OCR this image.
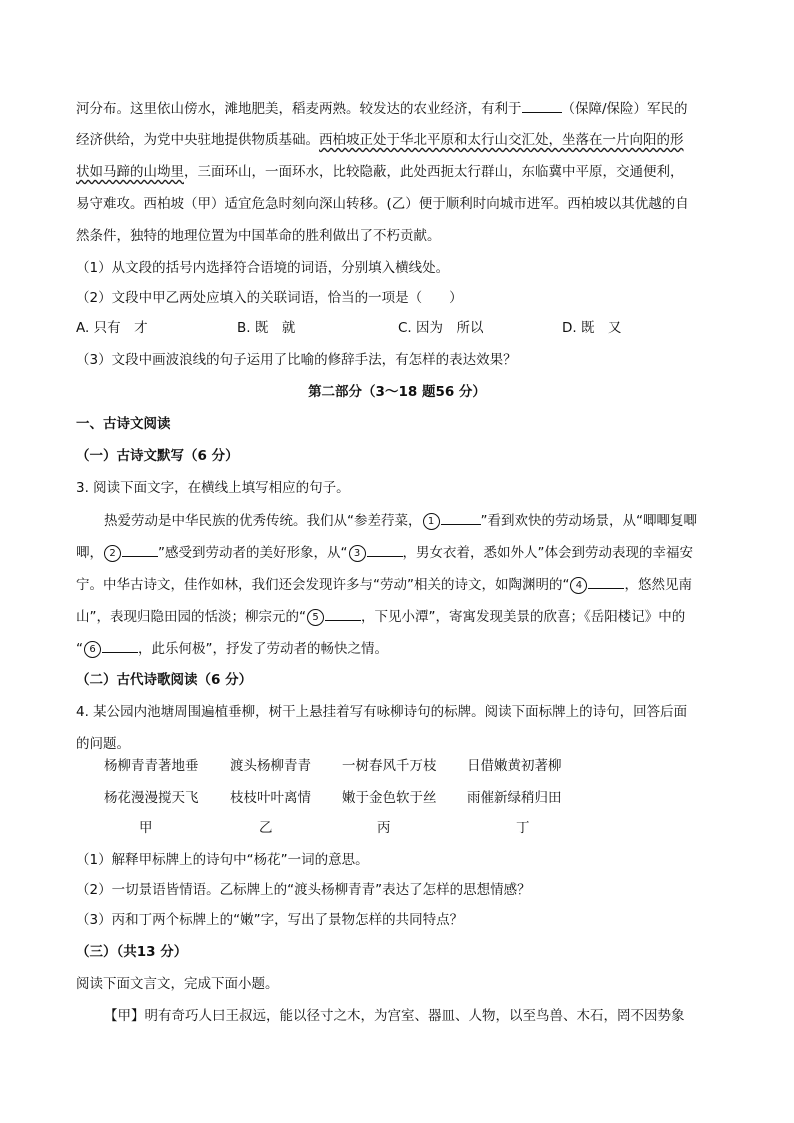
河分布。这里依山傍水，滩地肥美，稻麦两熟。较发达的农业经济，有利于	（保障/保险）军民的
经济供给，为党中央驻地提供物质基础。西柏坡正处于华北平原和太行山交汇处，坐落在一片向阳的形
状如马蹄的山坳里，三面环山，一面环水，比较隐蔽，此处西扼太行群山，东临冀中平原，交通便利，
易守难攻。西柏坡（甲）适宜危急时刻向深山转移。(乙）便于顺利时向城市进军。西柏坡以其优越的自
然条件，独特的地理位置为中国革命的胜利做出了不朽贡献。
（1）从文段的括号内选择符合语境的词语，分别填入横线处。
（2）文段中甲乙两处应填入的关联词语，恰当的一项是（　　）
A. 只有　才	B. 既　就	C. 因为　所以	D. 既　又
（3）文段中画波浪线的句子运用了比喻的修辞手法，有怎样的表达效果？
第二部分（3～18 题56 分）
一、古诗文阅读
（一）古诗文默写（6 分）
3. 阅读下面文字，在横线上填写相应的句子。
热爱劳动是中华民族的优秀传统。我们从“参差荇菜， 1	”看到欢快的劳动场景，从“唧唧复唧
唧， 2	”感受到劳动者的美好形象，从“ 3	，男女衣着，悉如外人”体会到劳动表现的幸福安
宁。中华古诗文，佳作如林，我们还会发现许多与“劳动”相关的诗文，如陶渊明的“ 4	，悠然见南
山”，表现归隐田园的恬淡；柳宗元的“ 5	，下见小潭”，寄寓发现美景的欣喜；《岳阳楼记》中的
“ 6	，此乐何极”，抒发了劳动者的畅快之情。
（二）古代诗歌阅读（6 分）
4. 某公园内池塘周围遍植垂柳，树干上悬挂着写有咏柳诗句的标牌。阅读下面标牌上的诗句，回答后面
的问题。
杨柳青青著地垂 渡头杨柳青青 一树春风千万枝 日借嫩黄初著柳
杨花漫漫搅天飞 枝枝叶叶离情 嫩于金色软于丝 雨催新绿稍归田
甲	乙	丙	丁
（1）解释甲标牌上的诗句中“杨花”一词的意思。
（2）一切景语皆情语。乙标牌上的“渡头杨柳青青”表达了怎样的思想情感？
（3）丙和丁两个标牌上的“嫩”字，写出了景物怎样的共同特点？
（三）（共13 分）
阅读下面文言文，完成下面小题。
【甲】明有奇巧人曰王叔远，能以径寸之木，为宫室、器皿、人物，以至鸟兽、木石，罔不因势象
